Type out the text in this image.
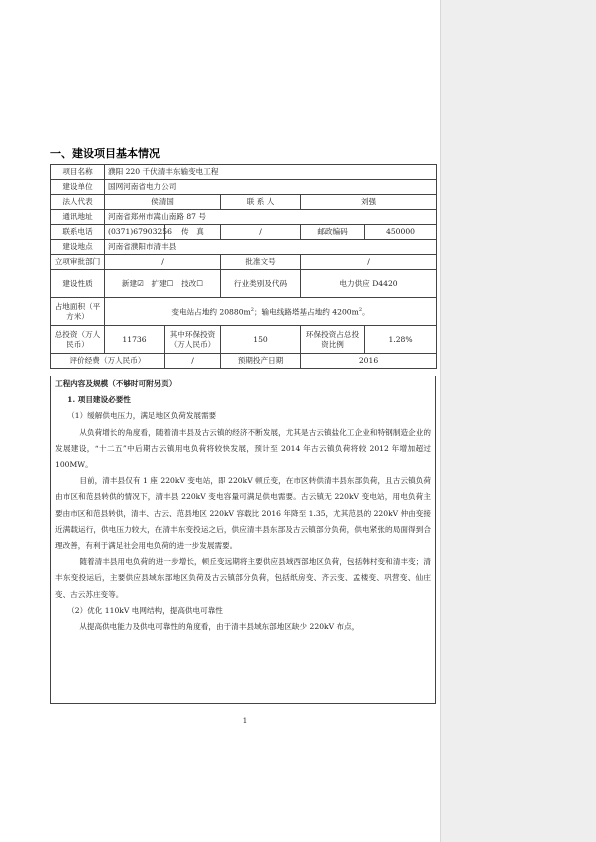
一、建设项目基本情况
项目名称	濮阳 220 千伏清丰东输变电工程				
建设单位	国网河南省电力公司				
法人代表	侯清国		联 系 人	刘强	
通讯地址	河南省郑州市嵩山南路 87 号				
联系电话	(0371)67903256	传　真	/	邮政编码	450000
建设地点	河南省濮阳市清丰县				
立项审批部门	/		批准文号	/	
建设性质	新建☑　扩建☐　技改☐		行业类别及代码	电力供应 D4420	
占地面积（平方米）	变电站占地约 $20880m^2$；输电线路塔基占地约 $4200m^2$。				
总投资（万人民币）	11736	其中环保投资（万人民币）	150	环保投资占总投资比例	1.28%
评价经费（万人民币）		/	预期投产日期	2016	

工程内容及规模（不够时可附另页）

1. 项目建设必要性

（1）缓解供电压力，满足地区负荷发展需要

从负荷增长的角度看，随着清丰县及古云镇的经济不断发展，尤其是古云镇盐化工企业和特钢制造企业的发展建设，“十二五”中后期古云镇用电负荷将较快发展，预计至 2014 年古云镇负荷将较 2012 年增加超过 100MW。

目前，清丰县仅有 1 座 220kV 变电站，即 220kV 顿丘变，在市区转供清丰县东部负荷，且古云镇负荷由市区和范县转供的情况下，清丰县 220kV 变电容量可满足供电需要。古云镇无 220kV 变电站，用电负荷主要由市区和范县转供，清丰、古云、范县地区 220kV 容载比 2016 年降至 1.35，尤其范县的 220kV 仲由变接近满载运行，供电压力较大，在清丰东变投运之后，供应清丰县东部及古云镇部分负荷，供电紧张的局面得到合理改善，有利于满足社会用电负荷的进一步发展需要。

随着清丰县用电负荷的进一步增长，顿丘变远期将主要供应县域西部地区负荷，包括韩村变和清丰变；清丰东变投运后，主要供应县域东部地区负荷及古云镇部分负荷，包括纸房变、齐云变、孟楼变、巩营变、仙庄变、古云苏庄变等。

（2）优化 110kV 电网结构，提高供电可靠性

从提高供电能力及供电可靠性的角度看，由于清丰县域东部地区缺少 220kV 布点，

1
